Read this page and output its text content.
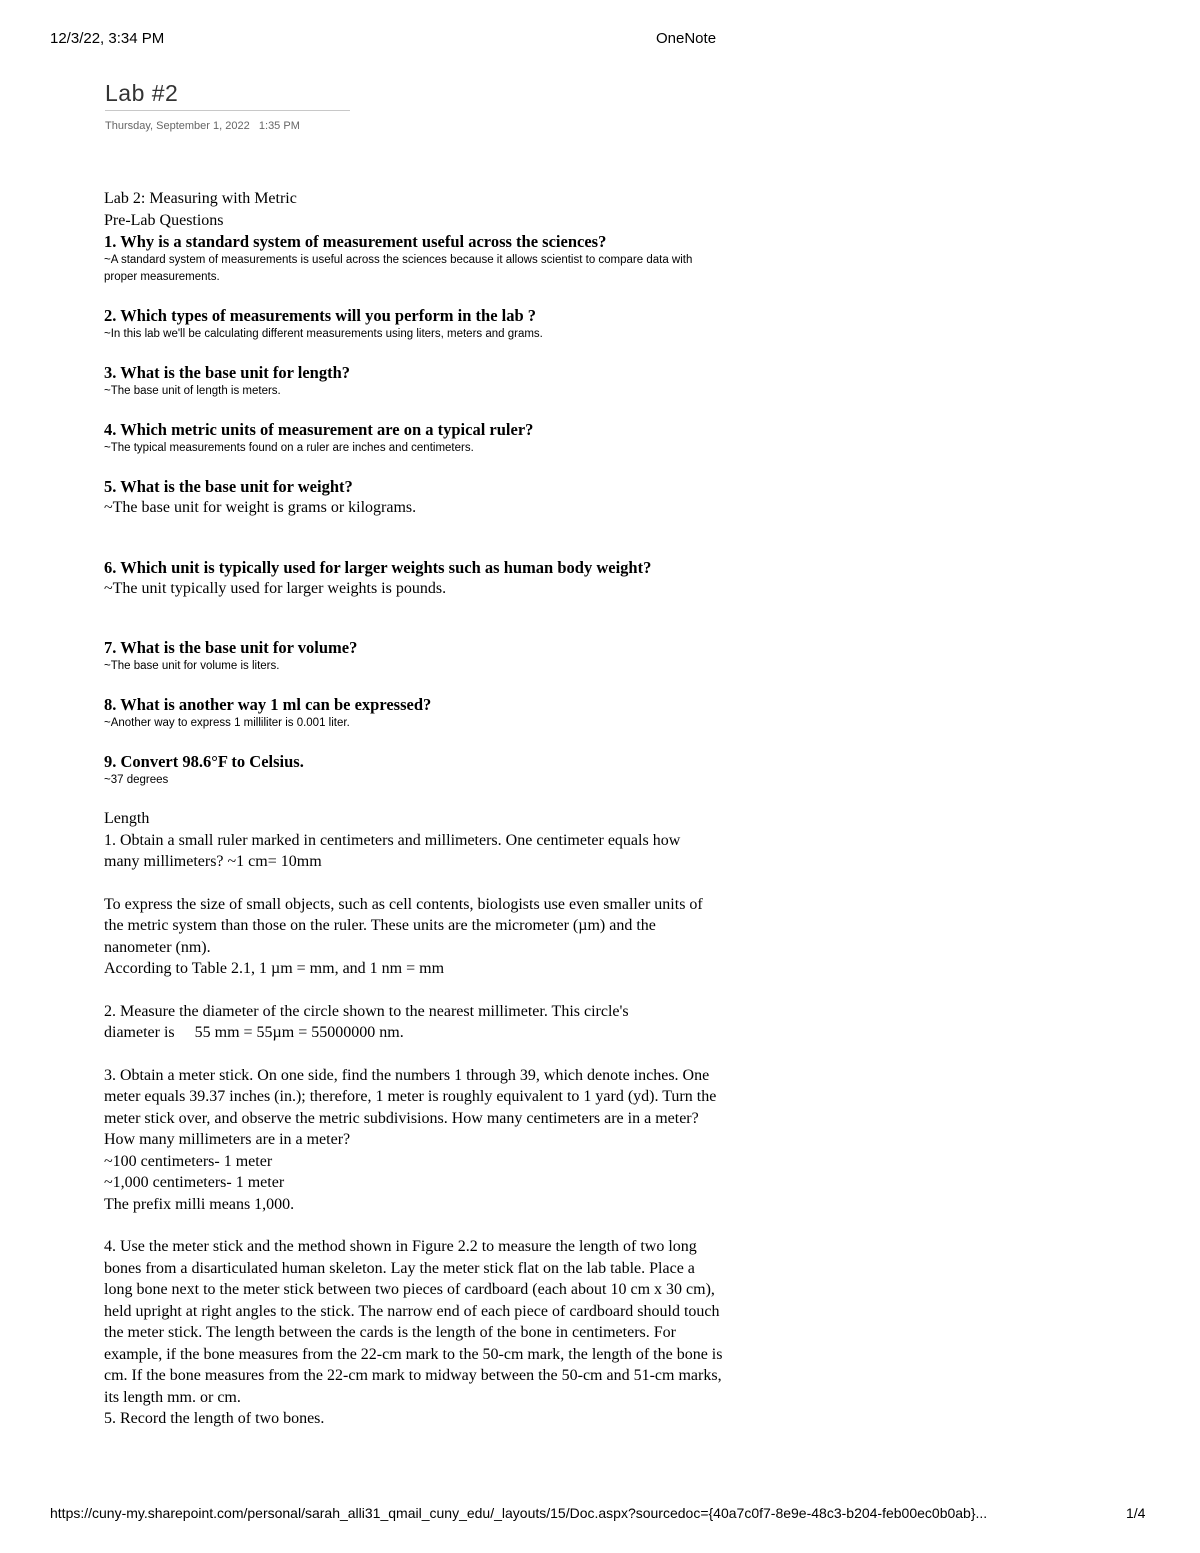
12/3/22, 3:34 PM	OneNote
Lab #2
Thursday, September 1, 2022 1:35 PM

Lab 2: Measuring with Metric

Pre-Lab Questions

1. Why is a standard system of measurement useful across the sciences?

~A standard system of measurements is useful across the sciences because it allows scientist to compare data with proper measurements.

2. Which types of measurements will you perform in the lab ?

~In this lab we'll be calculating different measurements using liters, meters and grams.

3. What is the base unit for length?

~The base unit of length is meters.

4. Which metric units of measurement are on a typical ruler?

~The typical measurements found on a ruler are inches and centimeters.

5. What is the base unit for weight?

~The base unit for weight is grams or kilograms.

6. Which unit is typically used for larger weights such as human body weight?

~The unit typically used for larger weights is pounds.

7. What is the base unit for volume?

~The base unit for volume is liters.

8. What is another way 1 ml can be expressed?

~Another way to express 1 milliliter is 0.001 liter.

9. Convert 98.6°F to Celsius.

~37 degrees

Length

1. Obtain a small ruler marked in centimeters and millimeters. One centimeter equals how many millimeters? ~1 cm= 10mm

To express the size of small objects, such as cell contents, biologists use even smaller units of the metric system than those on the ruler. These units are the micrometer (µm) and the nanometer (nm).

According to Table 2.1, 1 µm = mm, and 1 nm = mm

2. Measure the diameter of the circle shown to the nearest millimeter. This circle's diameter is     55 mm = 55µm = 55000000 nm.

3. Obtain a meter stick. On one side, find the numbers 1 through 39, which denote inches. One meter equals 39.37 inches (in.); therefore, 1 meter is roughly equivalent to 1 yard (yd). Turn the meter stick over, and observe the metric subdivisions. How many centimeters are in a meter? How many millimeters are in a meter?

~100 centimeters- 1 meter

~1,000 centimeters- 1 meter

The prefix milli means 1,000.

4. Use the meter stick and the method shown in Figure 2.2 to measure the length of two long bones from a disarticulated human skeleton. Lay the meter stick flat on the lab table. Place a long bone next to the meter stick between two pieces of cardboard (each about 10 cm x 30 cm), held upright at right angles to the stick. The narrow end of each piece of cardboard should touch the meter stick. The length between the cards is the length of the bone in centimeters. For example, if the bone measures from the 22-cm mark to the 50-cm mark, the length of the bone is cm. If the bone measures from the 22-cm mark to midway between the 50-cm and 51-cm marks, its length mm. or cm.

5. Record the length of two bones.

https://cuny-my.sharepoint.com/personal/sarah_alli31_qmail_cuny_edu/_layouts/15/Doc.aspx?sourcedoc={40a7c0f7-8e9e-48c3-b204-feb00ec0b0ab}...	1/4
